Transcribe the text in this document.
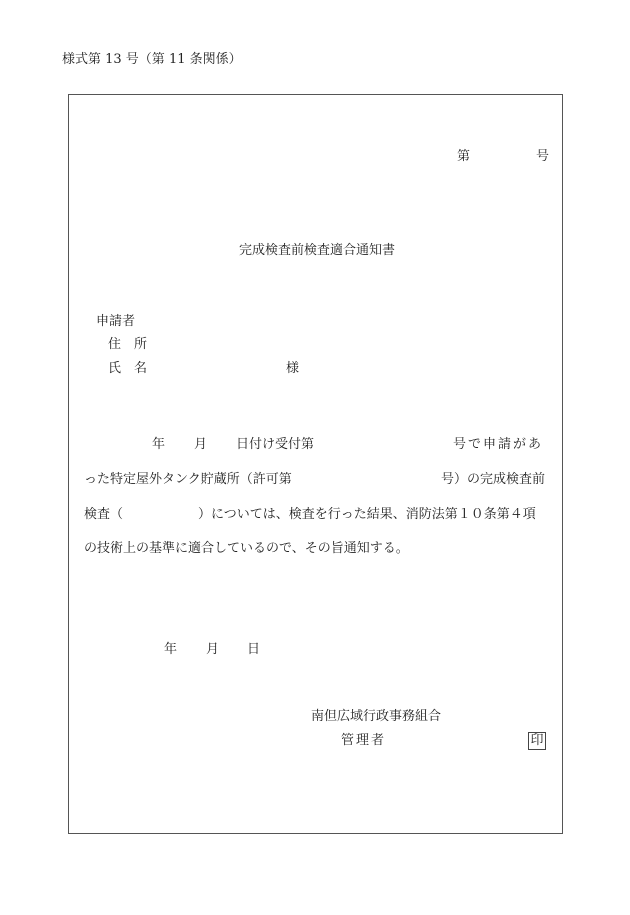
様式第 13 号（第 11 条関係）
第	号
完成検査前検査適合通知書
申請者
住　所
氏　名	様
年 月 日付け受付第	号で申請があ
った特定屋外タンク貯蔵所（許可第	号）の完成検査前
検査（	）については、検査を行った結果、消防法第１０条第４項
の技術上の基準に適合しているので、その旨通知する。
年 月 日
南但広域行政事務組合
管理者	印
